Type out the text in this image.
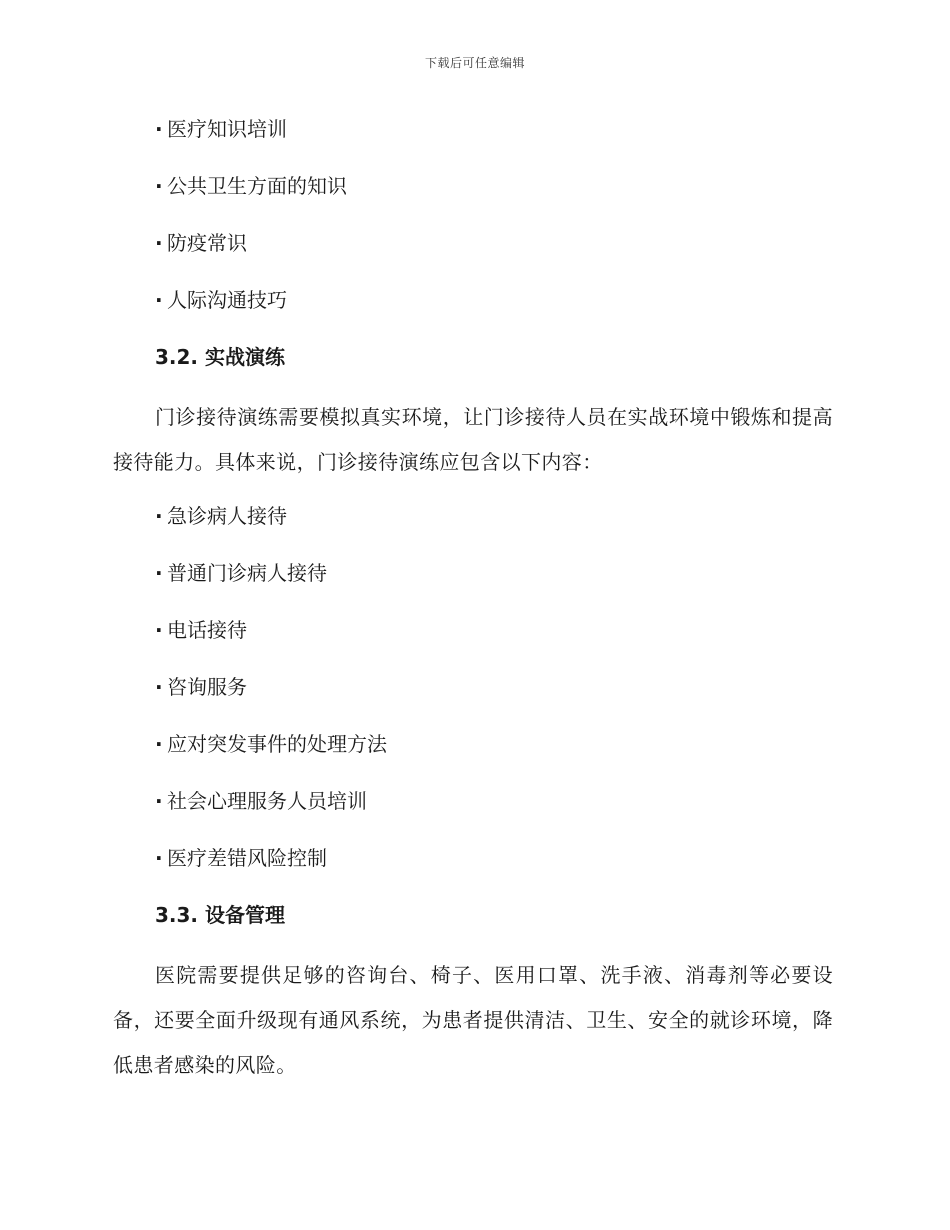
下载后可任意编辑
· 医疗知识培训
· 公共卫生方面的知识
· 防疫常识
· 人际沟通技巧
3.2. 实战演练
门诊接待演练需要模拟真实环境，让门诊接待人员在实战环境中锻炼和提高接待能力。具体来说，门诊接待演练应包含以下内容：
· 急诊病人接待
· 普通门诊病人接待
· 电话接待
· 咨询服务
· 应对突发事件的处理方法
· 社会心理服务人员培训
· 医疗差错风险控制
3.3. 设备管理
医院需要提供足够的咨询台、椅子、医用口罩、洗手液、消毒剂等必要设备，还要全面升级现有通风系统，为患者提供清洁、卫生、安全的就诊环境，降低患者感染的风险。
